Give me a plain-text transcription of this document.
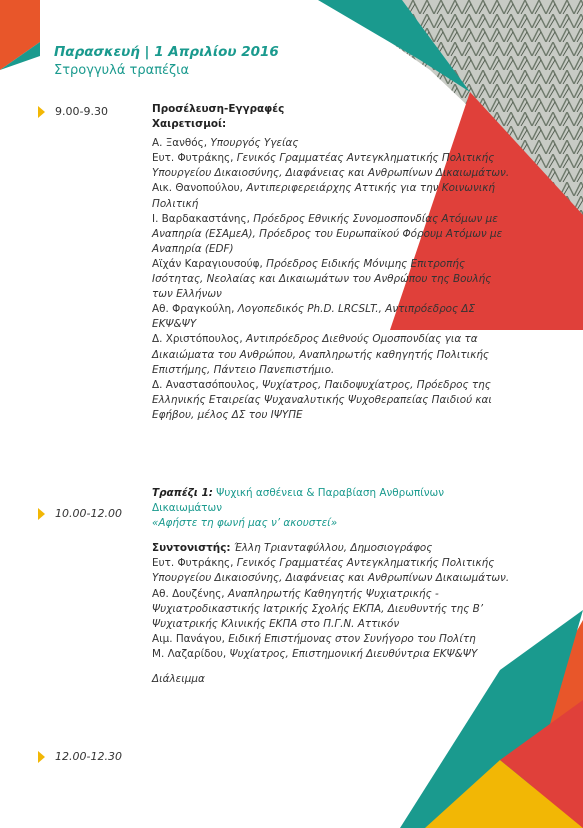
Παρασκευή | 1 Απριλίου 2016
Στρογγυλά τραπέζια
9.00-9.30
10.00-12.00
12.00-12.30

Προσέλευση-Εγγραφές

Χαιρετισμοί:

Α. Ξανθός, Υπουργός Υγείας

Ευτ. Φυτράκης, Γενικός Γραμματέας Αντεγκληματικής Πολιτικής Υπουργείου Δικαιοσύνης, Διαφάνειας και Ανθρωπίνων Δικαιωμάτων.

Αικ. Θανοπούλου, Αντιπεριφερειάρχης Αττικής για την Κοινωνική Πολιτική

Ι. Βαρδακαστάνης, Πρόεδρος Εθνικής Συνομοσπονδίας Ατόμων με Αναπηρία (ΕΣΑμεΑ), Πρόεδρος του Ευρωπαϊκού Φόρουμ Ατόμων με Αναπηρία (EDF)

Αϊχάν Καραγιουσούφ, Πρόεδρος Ειδικής Μόνιμης Επιτροπής Ισότητας, Νεολαίας και Δικαιωμάτων του Ανθρώπου της Βουλής των Ελλήνων

Αθ. Φραγκούλη, Λογοπεδικός Ph.D. LRCSLT., Αντιπρόεδρος ΔΣ ΕΚΨ&ΨΥ

Δ. Χριστόπουλος, Αντιπρόεδρος Διεθνούς Ομοσπονδίας για τα Δικαιώματα του Ανθρώπου, Αναπληρωτής καθηγητής Πολιτικής Επιστήμης, Πάντειο Πανεπιστήμιο.

Δ. Αναστασόπουλος, Ψυχίατρος, Παιδοψυχίατρος, Πρόεδρος της Ελληνικής Εταιρείας Ψυχαναλυτικής Ψυχοθεραπείας Παιδιού και Εφήβου, μέλος ΔΣ του ΙΨΥΠΕ

Τραπέζι 1: Ψυχική ασθένεια & Παραβίαση Ανθρωπίνων Δικαιωμάτων

«Αφήστε τη φωνή μας ν’ ακουστεί»

Συντονιστής: Έλλη Τριανταφύλλου, Δημοσιογράφος

Ευτ. Φυτράκης, Γενικός Γραμματέας Αντεγκληματικής Πολιτικής Υπουργείου Δικαιοσύνης, Διαφάνειας και Ανθρωπίνων Δικαιωμάτων.

Αθ. Δουζένης, Αναπληρωτής Καθηγητής Ψυχιατρικής - Ψυχιατροδικαστικής Ιατρικής Σχολής ΕΚΠΑ, Διευθυντής της Β’ Ψυχιατρικής Κλινικής ΕΚΠΑ στο Π.Γ.Ν. Αττικόν

Αιμ. Πανάγου, Ειδική Επιστήμονας στον Συνήγορο του Πολίτη

Μ. Λαζαρίδου, Ψυχίατρος, Επιστημονική Διευθύντρια ΕΚΨ&ΨΥ

Διάλειμμα
